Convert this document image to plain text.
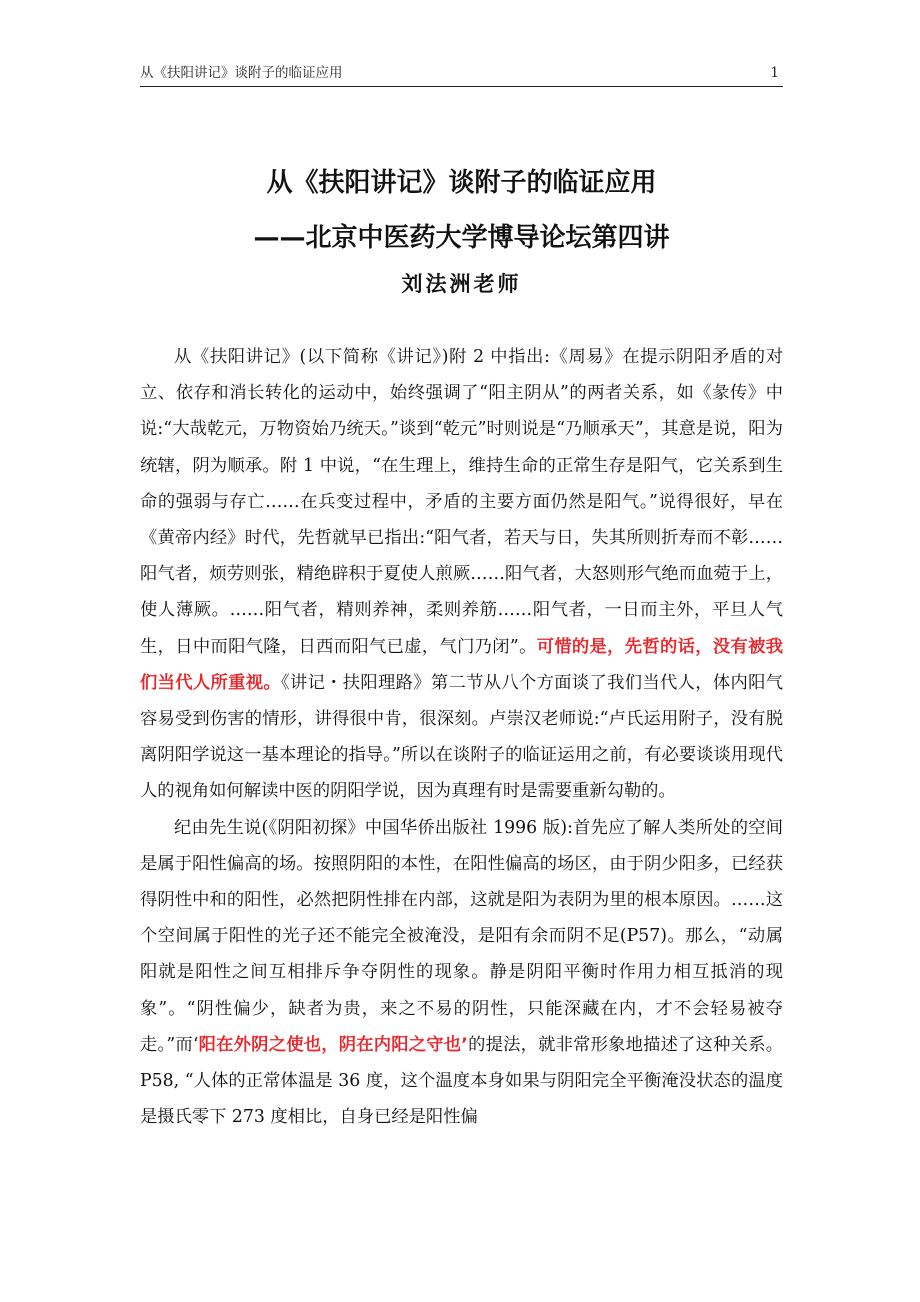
从《扶阳讲记》谈附子的临证应用	1
从《扶阳讲记》谈附子的临证应用
——北京中医药大学博导论坛第四讲
刘法洲老师

从《扶阳讲记》(以下简称《讲记》)附 2 中指出:《周易》在提示阴阳矛盾的对立、依存和消长转化的运动中，始终强调了“阳主阴从”的两者关系，如《彖传》中说:“大哉乾元，万物资始乃统天。”谈到“乾元”时则说是“乃顺承天”，其意是说，阳为统辖，阴为顺承。附 1 中说，“在生理上，维持生命的正常生存是阳气，它关系到生命的强弱与存亡……在兵变过程中，矛盾的主要方面仍然是阳气。”说得很好，早在《黄帝内经》时代，先哲就早已指出:“阳气者，若天与日，失其所则折寿而不彰……阳气者，烦劳则张，精绝辟积于夏使人煎厥……阳气者，大怒则形气绝而血菀于上，使人薄厥。……阳气者，精则养神，柔则养筋……阳气者，一日而主外，平旦人气生，日中而阳气隆，日西而阳气已虚，气门乃闭”。可惜的是，先哲的话，没有被我们当代人所重视。《讲记・扶阳理路》第二节从八个方面谈了我们当代人，体内阳气容易受到伤害的情形，讲得很中肯，很深刻。卢崇汉老师说:“卢氏运用附子，没有脱离阴阳学说这一基本理论的指导。”所以在谈附子的临证运用之前，有必要谈谈用现代人的视角如何解读中医的阴阳学说，因为真理有时是需要重新勾勒的。

纪由先生说(《阴阳初探》中国华侨出版社 1996 版):首先应了解人类所处的空间是属于阳性偏高的场。按照阴阳的本性，在阳性偏高的场区，由于阴少阳多，已经获得阴性中和的阳性，必然把阴性排在内部，这就是阳为表阴为里的根本原因。……这个空间属于阳性的光子还不能完全被淹没，是阳有余而阴不足(P57)。那么，“动属阳就是阳性之间互相排斥争夺阴性的现象。静是阴阳平衡时作用力相互抵消的现象”。“阴性偏少，缺者为贵，来之不易的阴性，只能深藏在内，才不会轻易被夺走。”而‘阳在外阴之使也，阴在内阳之守也’的提法，就非常形象地描述了这种关系。P58, “人体的正常体温是 36 度，这个温度本身如果与阴阳完全平衡淹没状态的温度是摄氏零下 273 度相比，自身已经是阳性偏
